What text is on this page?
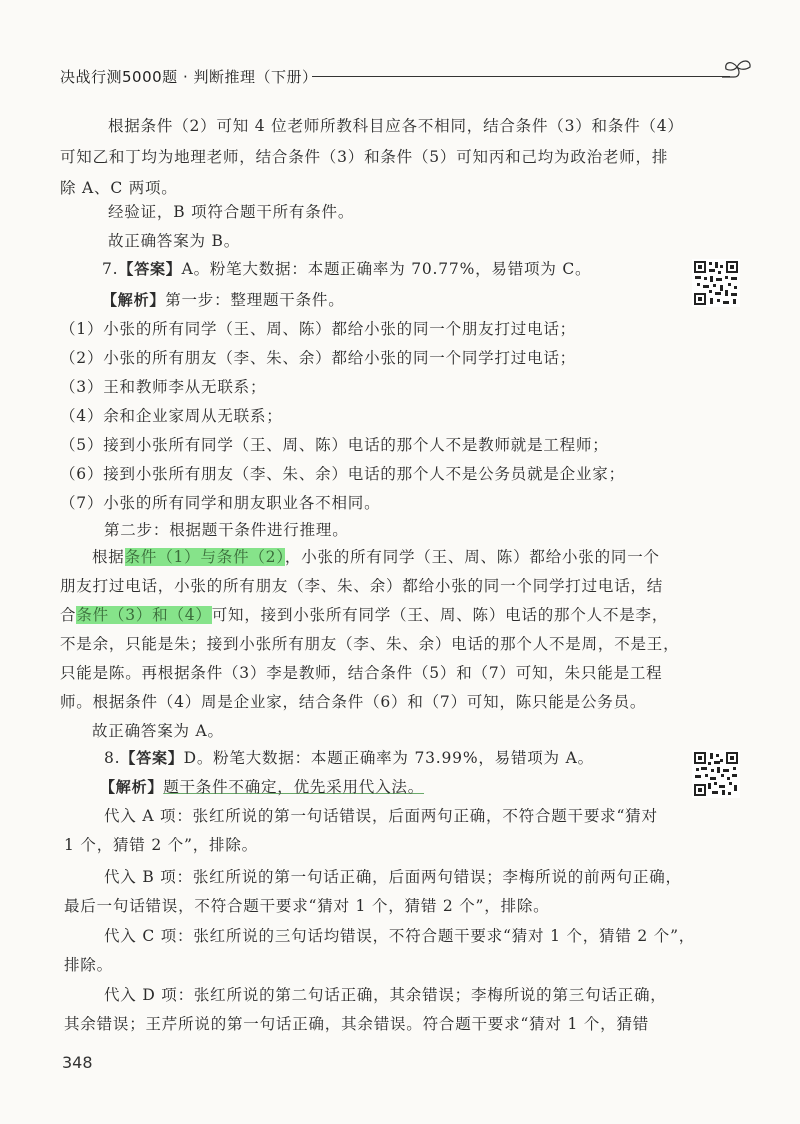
决战行测5000题 · 判断推理（下册）
根据条件（2）可知 4 位老师所教科目应各不相同，结合条件（3）和条件（4）
可知乙和丁均为地理老师，结合条件（3）和条件（5）可知丙和己均为政治老师，排
除 A、C 两项。
经验证，B 项符合题干所有条件。
故正确答案为 B。
7.【答案】A。粉笔大数据：本题正确率为 70.77%，易错项为 C。
【解析】第一步：整理题干条件。
（1）小张的所有同学（王、周、陈）都给小张的同一个朋友打过电话；
（2）小张的所有朋友（李、朱、余）都给小张的同一个同学打过电话；
（3）王和教师李从无联系；
（4）余和企业家周从无联系；
（5）接到小张所有同学（王、周、陈）电话的那个人不是教师就是工程师；
（6）接到小张所有朋友（李、朱、余）电话的那个人不是公务员就是企业家；
（7）小张的所有同学和朋友职业各不相同。
第二步：根据题干条件进行推理。
根据条件（1）与条件（2），小张的所有同学（王、周、陈）都给小张的同一个
朋友打过电话，小张的所有朋友（李、朱、余）都给小张的同一个同学打过电话，结
合条件（3）和（4）可知，接到小张所有同学（王、周、陈）电话的那个人不是李，
不是余，只能是朱；接到小张所有朋友（李、朱、余）电话的那个人不是周，不是王，
只能是陈。再根据条件（3）李是教师，结合条件（5）和（7）可知，朱只能是工程
师。根据条件（4）周是企业家，结合条件（6）和（7）可知，陈只能是公务员。
故正确答案为 A。
8.【答案】D。粉笔大数据：本题正确率为 73.99%，易错项为 A。
【解析】题干条件不确定，优先采用代入法。
代入 A 项：张红所说的第一句话错误，后面两句正确，不符合题干要求“猜对
1 个，猜错 2 个”，排除。
代入 B 项：张红所说的第一句话正确，后面两句错误；李梅所说的前两句正确，
最后一句话错误，不符合题干要求“猜对 1 个，猜错 2 个”，排除。
代入 C 项：张红所说的三句话均错误，不符合题干要求“猜对 1 个，猜错 2 个”，
排除。
代入 D 项：张红所说的第二句话正确，其余错误；李梅所说的第三句话正确，
其余错误；王芹所说的第一句话正确，其余错误。符合题干要求“猜对 1 个，猜错
348
